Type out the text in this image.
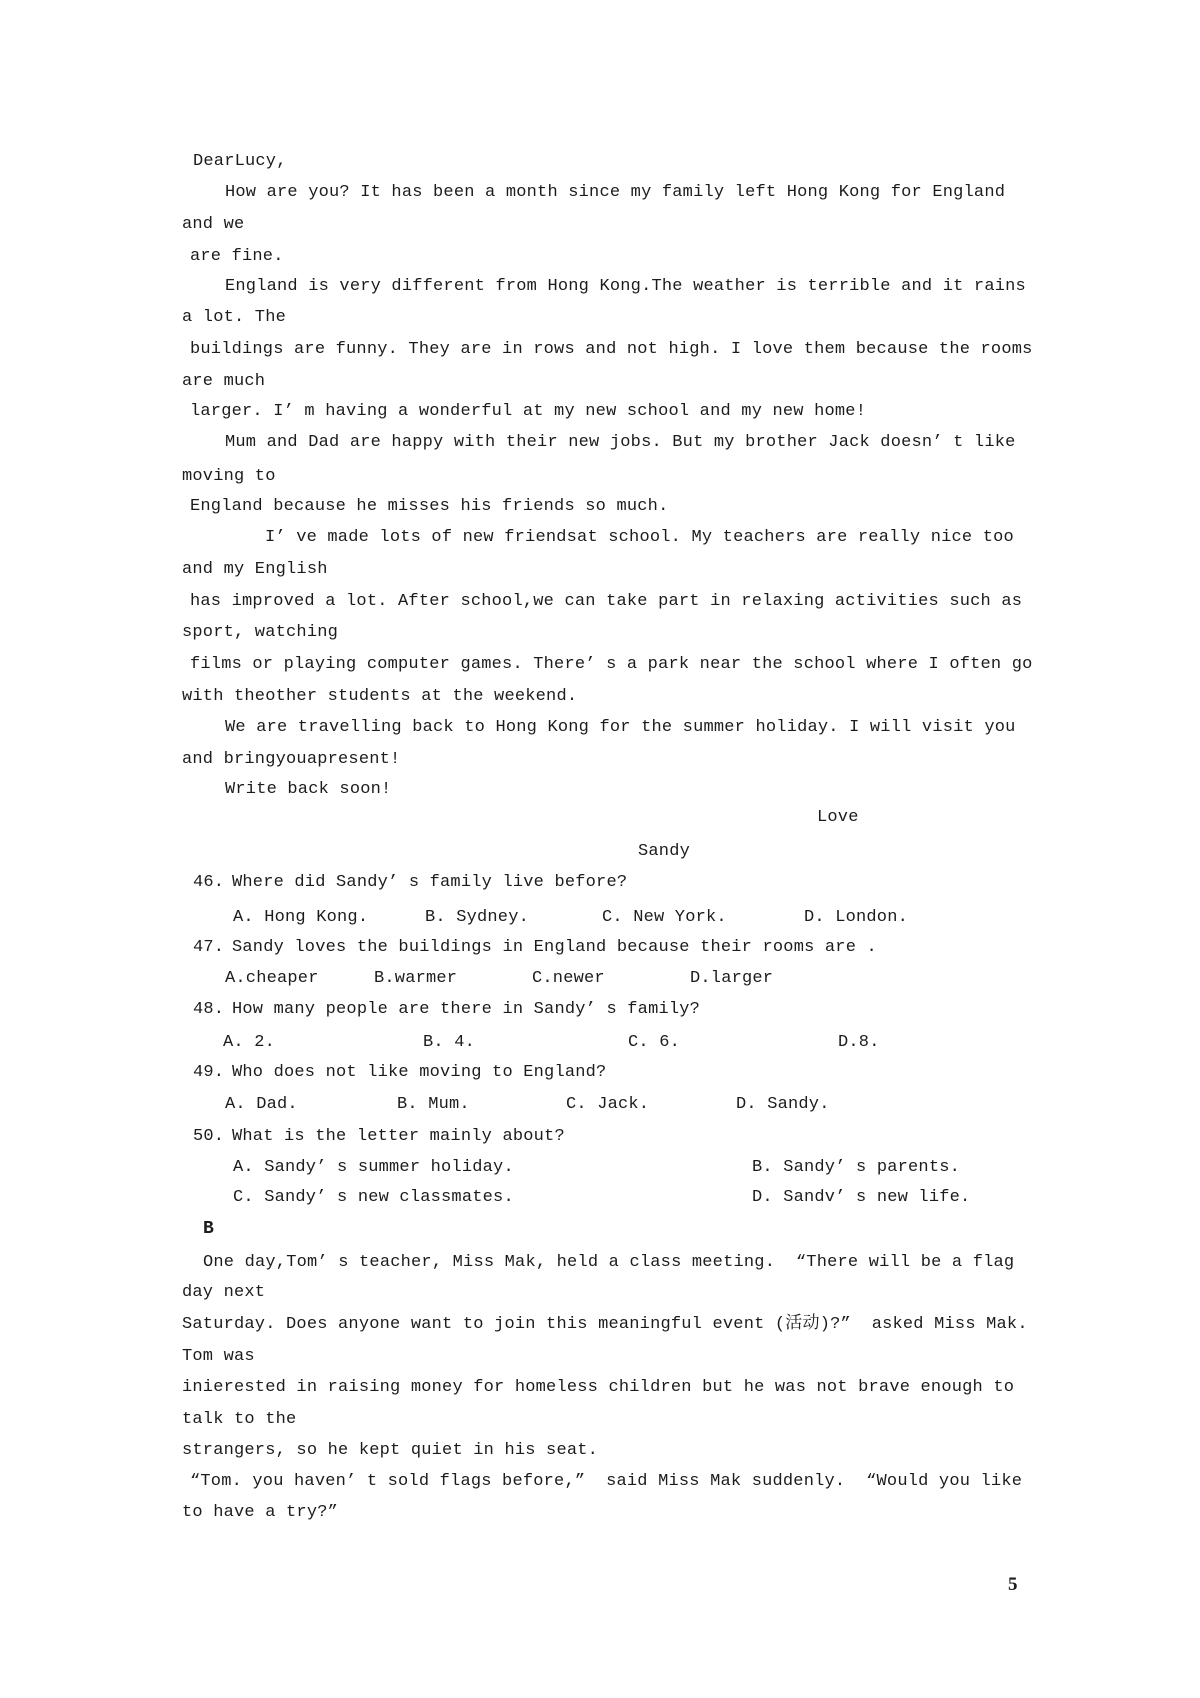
DearLucy,
How are you? It has been a month since my family left Hong Kong for England
and we
are fine.
England is very different from Hong Kong.The weather is terrible and it rains
a lot. The
buildings are funny. They are in rows and not high. I love them because the rooms
are much
larger. I’ m having a wonderful at my new school and my new home!
Mum and Dad are happy with their new jobs. But my brother Jack doesn’ t like
moving to
England because he misses his friends so much.
I’ ve made lots of new friendsat school. My teachers are really nice too
and my English
has improved a lot. After school,we can take part in relaxing activities such as
sport, watching
films or playing computer games. There’ s a park near the school where I often go
with theother students at the weekend.
We are travelling back to Hong Kong for the summer holiday. I will visit you
and bringyouapresent!
Write back soon!
Love
Sandy
46. Where did Sandy’ s family live before?
A. Hong Kong.	B. Sydney.	C. New York.	D. London.
47. Sandy loves the buildings in England because their rooms are .
A.cheaper	B.warmer	C.newer	D.larger
48. How many people are there in Sandy’ s family?
A. 2.	B. 4.	C. 6.	D.8.
49. Who does not like moving to England?
A. Dad.	B. Mum.	C. Jack.	D. Sandy.
50. What is the letter mainly about?
A. Sandy’ s summer holiday.	B. Sandy’ s parents.
C. Sandy’ s new classmates.	D. Sandv’ s new life.
B
One day,Tom’ s teacher, Miss Mak, held a class meeting.  “There will be a flag
day next
Saturday. Does anyone want to join this meaningful event (活动)?”  asked Miss Mak.
Tom was
inierested in raising money for homeless children but he was not brave enough to
talk to the
strangers, so he kept quiet in his seat.
“Tom. you haven’ t sold flags before,”  said Miss Mak suddenly.  “Would you like
to have a try?”
5
